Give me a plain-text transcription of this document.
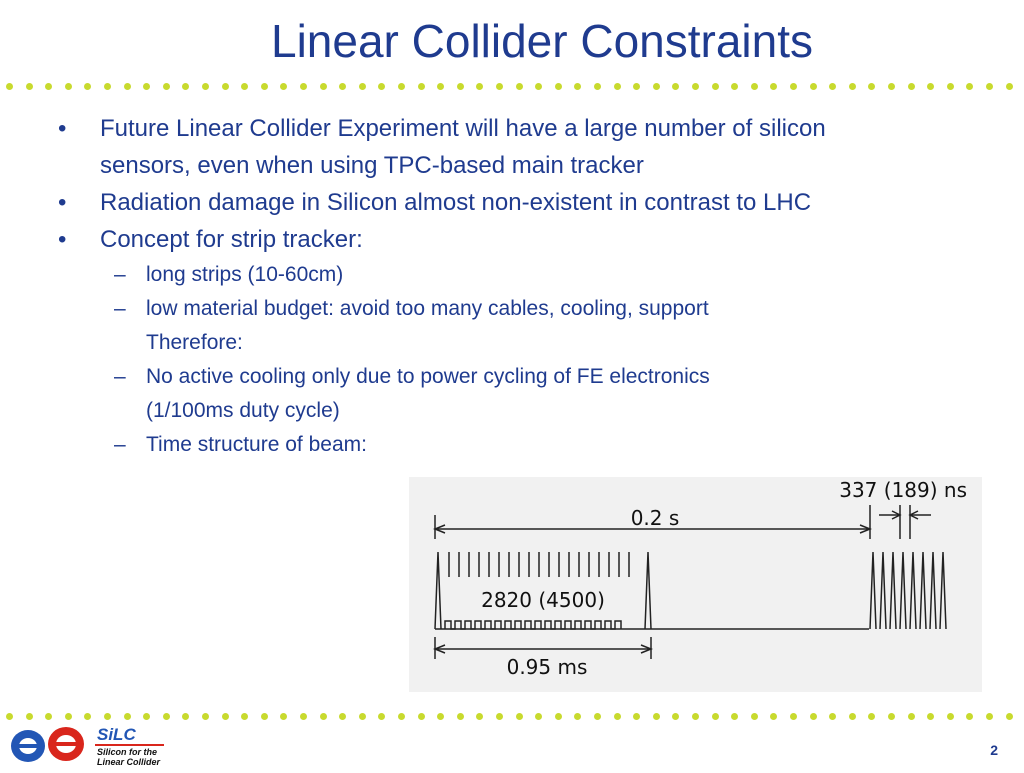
Linear Collider Constraints
• Future Linear Collider Experiment will have a large number of silicon
sensors, even when using TPC-based main tracker
• Radiation damage in Silicon almost non-existent in contrast to LHC
• Concept for strip tracker:
– long strips (10-60cm)
– low material budget: avoid too many cables, cooling, support
Therefore:
– No active cooling only due to power cycling of FE electronics
(1/100ms duty cycle)
– Time structure of beam:
0.2 s
337 (189) ns
2820 (4500)
0.95 ms
SiLC
Silicon for the
Linear Collider
2
